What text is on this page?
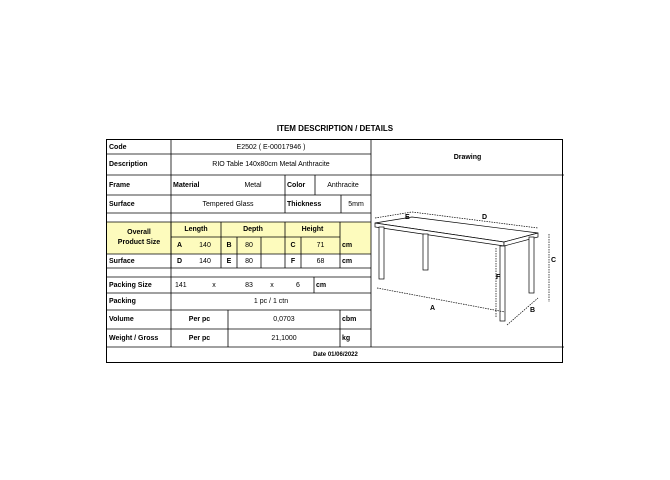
ITEM DESCRIPTION / DETAILS
Code	E2502 ( E-00017946 )
Description	RIO Table 140x80cm Metal Anthracite
Frame	Material	Metal	Color	Anthracite
Surface	Tempered Glass	Thickness	5mm
Overall Product Size
Length	Depth	Height
A	140	B	80	C	71	cm
Surface	D	140	E	80	F	68	cm
Packing Size	141	x	83	x	6	cm
Packing	1 pc / 1 ctn
Volume	Per pc	0,0703	cbm
Weight / Gross	Per pc	21,1000	kg
Date 01/06/2022
Drawing
E	D
C
F
A	B
